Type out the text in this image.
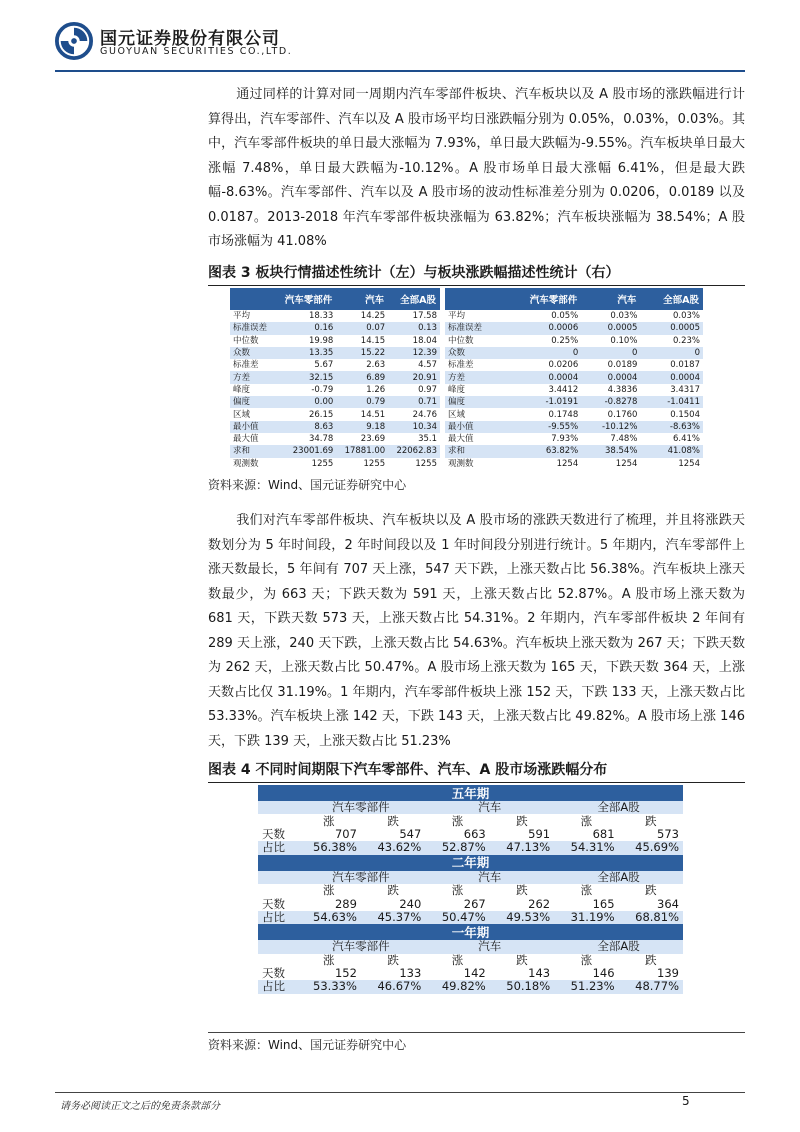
国元证券股份有限公司
GUOYUAN SECURITIES CO.,LTD.

通过同样的计算对同一周期内汽车零部件板块、汽车板块以及 A 股市场的涨跌幅进行计算得出，汽车零部件、汽车以及 A 股市场平均日涨跌幅分别为 0.05%，0.03%，0.03%。其中，汽车零部件板块的单日最大涨幅为 7.93%，单日最大跌幅为-9.55%。汽车板块单日最大涨幅 7.48%，单日最大跌幅为-10.12%。A 股市场单日最大涨幅 6.41%，但是最大跌幅-8.63%。汽车零部件、汽车以及 A 股市场的波动性标准差分别为 0.0206，0.0189 以及 0.0187。2013-2018 年汽车零部件板块涨幅为 63.82%；汽车板块涨幅为 38.54%；A 股市场涨幅为 41.08%

图表 3 板块行情描述性统计（左）与板块涨跌幅描述性统计（右）
	汽车零部件	汽车	全部A股
平均	18.33	14.25	17.58
标准误差	0.16	0.07	0.13
中位数	19.98	14.15	18.04
众数	13.35	15.22	12.39
标准差	5.67	2.63	4.57
方差	32.15	6.89	20.91
峰度	-0.79	1.26	0.97
偏度	0.00	0.79	0.71
区域	26.15	14.51	24.76
最小值	8.63	9.18	10.34
最大值	34.78	23.69	35.1
求和	23001.69	17881.00	22062.83
观测数	1255	1255	1255
	汽车零部件	汽车	全部A股
平均	0.05%	0.03%	0.03%
标准误差	0.0006	0.0005	0.0005
中位数	0.25%	0.10%	0.23%
众数	0	0	0
标准差	0.0206	0.0189	0.0187
方差	0.0004	0.0004	0.0004
峰度	3.4412	4.3836	3.4317
偏度	-1.0191	-0.8278	-1.0411
区域	0.1748	0.1760	0.1504
最小值	-9.55%	-10.12%	-8.63%
最大值	7.93%	7.48%	6.41%
求和	63.82%	38.54%	41.08%
观测数	1254	1254	1254
资料来源：Wind、国元证券研究中心

我们对汽车零部件板块、汽车板块以及 A 股市场的涨跌天数进行了梳理，并且将涨跌天数划分为 5 年时间段，2 年时间段以及 1 年时间段分别进行统计。5 年期内，汽车零部件上涨天数最长，5 年间有 707 天上涨，547 天下跌，上涨天数占比 56.38%。汽车板块上涨天数最少，为 663 天；下跌天数为 591 天，上涨天数占比 52.87%。A 股市场上涨天数为 681 天，下跌天数 573 天，上涨天数占比 54.31%。2 年期内，汽车零部件板块 2 年间有 289 天上涨，240 天下跌，上涨天数占比 54.63%。汽车板块上涨天数为 267 天；下跌天数为 262 天，上涨天数占比 50.47%。A 股市场上涨天数为 165 天，下跌天数 364 天，上涨天数占比仅 31.19%。1 年期内，汽车零部件板块上涨 152 天，下跌 133 天，上涨天数占比 53.33%。汽车板块上涨 142 天，下跌 143 天，上涨天数占比 49.82%。A 股市场上涨 146 天，下跌 139 天，上涨天数占比 51.23%

图表 4 不同时间期限下汽车零部件、汽车、A 股市场涨跌幅分布
五年期						
	汽车零部件		汽车		全部A股	
	涨	跌	涨	跌	涨	跌
天数	707	547	663	591	681	573
占比	56.38%	43.62%	52.87%	47.13%	54.31%	45.69%
二年期						
	汽车零部件		汽车		全部A股	
	涨	跌	涨	跌	涨	跌
天数	289	240	267	262	165	364
占比	54.63%	45.37%	50.47%	49.53%	31.19%	68.81%
一年期						
	汽车零部件		汽车		全部A股	
	涨	跌	涨	跌	涨	跌
天数	152	133	142	143	146	139
占比	53.33%	46.67%	49.82%	50.18%	51.23%	48.77%
资料来源：Wind、国元证券研究中心
请务必阅读正文之后的免责条款部分	5
